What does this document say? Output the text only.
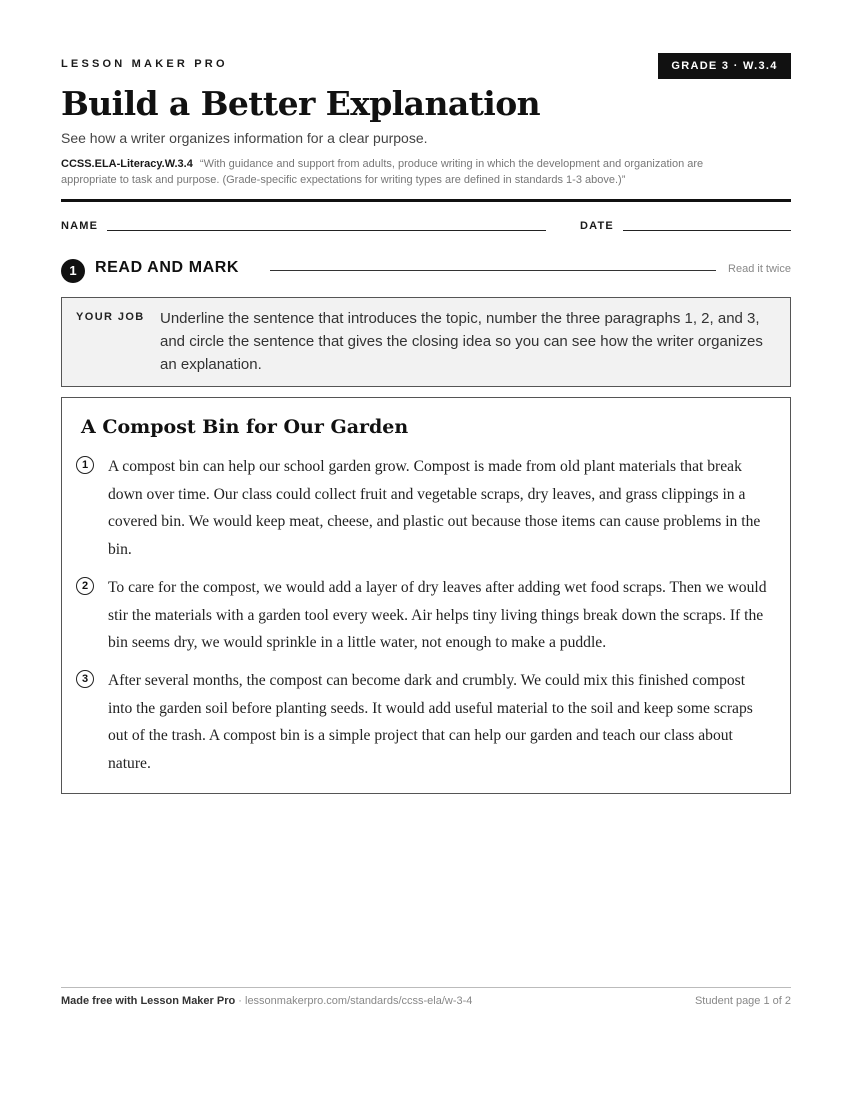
LESSON MAKER PRO	GRADE 3 · W.3.4
Build a Better Explanation
See how a writer organizes information for a clear purpose.
CCSS.ELA-Literacy.W.3.4 “With guidance and support from adults, produce writing in which the development and organization are appropriate to task and purpose. (Grade-specific expectations for writing types are defined in standards 1-3 above.)”
NAME	DATE
1	READ AND MARK	Read it twice
YOUR JOB Underline the sentence that introduces the topic, number the three paragraphs 1, 2, and 3, and circle the sentence that gives the closing idea so you can see how the writer organizes an explanation.
A Compost Bin for Our Garden
1	A compost bin can help our school garden grow. Compost is made from old plant materials that break down over time. Our class could collect fruit and vegetable scraps, dry leaves, and grass clippings in a covered bin. We would keep meat, cheese, and plastic out because those items can cause problems in the bin.
2	To care for the compost, we would add a layer of dry leaves after adding wet food scraps. Then we would stir the materials with a garden tool every week. Air helps tiny living things break down the scraps. If the bin seems dry, we would sprinkle in a little water, not enough to make a puddle.
3	After several months, the compost can become dark and crumbly. We could mix this finished compost into the garden soil before planting seeds. It would add useful material to the soil and keep some scraps out of the trash. A compost bin is a simple project that can help our garden and teach our class about nature.
Made free with Lesson Maker Pro · lessonmakerpro.com/standards/ccss-ela/w-3-4	Student page 1 of 2
